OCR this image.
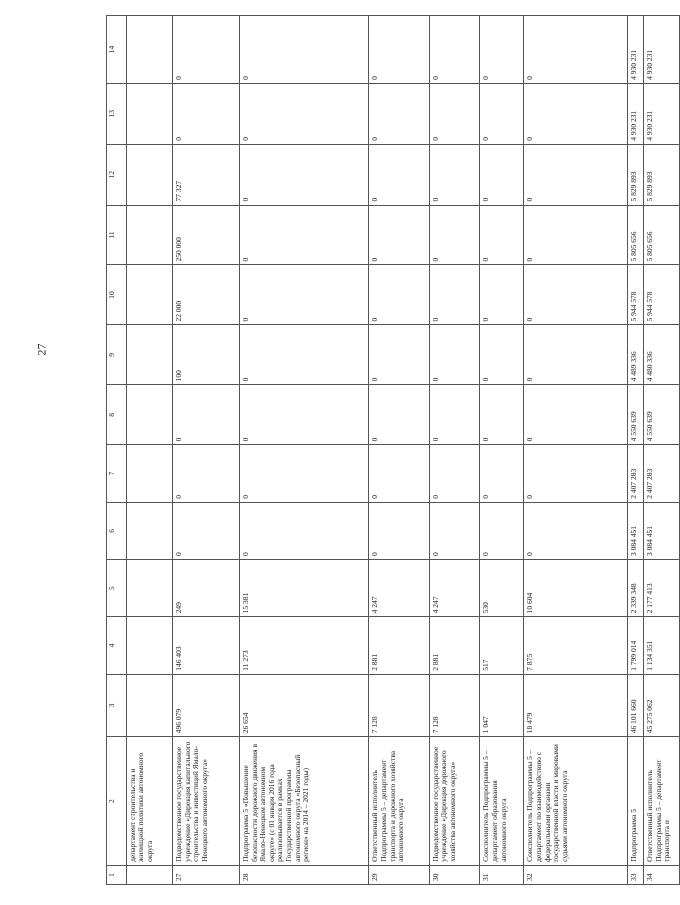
27
1	2	3	4	5	6	7	8	9	10	11	12	13	14
	департамент строительства и жилищной политики автономного округа												
27	Подведомственное государственное учреждение «Дирекция капитального строительства и инвестиций Ямало-Ненецкого автономного округа»	496 079	146 403	249	0	0	0	100	22 000	250 000	77 327	0	0
28	Подпрограмма 5 «Повышение безопасности дорожного движения в Ямало-Ненецком автономном округе» (с 01 января 2016 года реализовывается в рамках Государственной программы автономного округа «Безопасный регион» на 2014 – 2021 годы)	26 654	11 273	15 381	0	0	0	0	0	0	0	0	0
29	Ответственный исполнитель Подпрограммы 5 – департамент транспорта и дорожного хозяйства автономного округа	7 128	2 881	4 247	0	0	0	0	0	0	0	0	0
30	Подведомственное государственное учреждение «Дирекция дорожного хозяйства автономного округа»	7 128	2 881	4 247	0	0	0	0	0	0	0	0	0
31	Соисполнитель Подпрограммы 5 – департамент образования автономного округа	1 047	517	530	0	0	0	0	0	0	0	0	0
32	Соисполнитель Подпрограммы 5 – департамент по взаимодействию с федеральными органами государственной власти и мировыми судьями автономного округа	18 479	7 875	10 604	0	0	0	0	0	0	0	0	0
33	Подпрограмма 5	46 101 660	1 799 014	2 339 348	3 084 451	2 407 283	4 550 639	4 489 336	5 944 578	5 805 656	5 829 893	4 930 231	4 930 231
34	Ответственный исполнитель Подпрограммы 5 – департамент транспорта и	45 275 062	1 134 351	2 177 413	3 084 451	2 407 283	4 550 639	4 480 336	5 944 578	5 805 656	5 829 893	4 930 231	4 930 231
